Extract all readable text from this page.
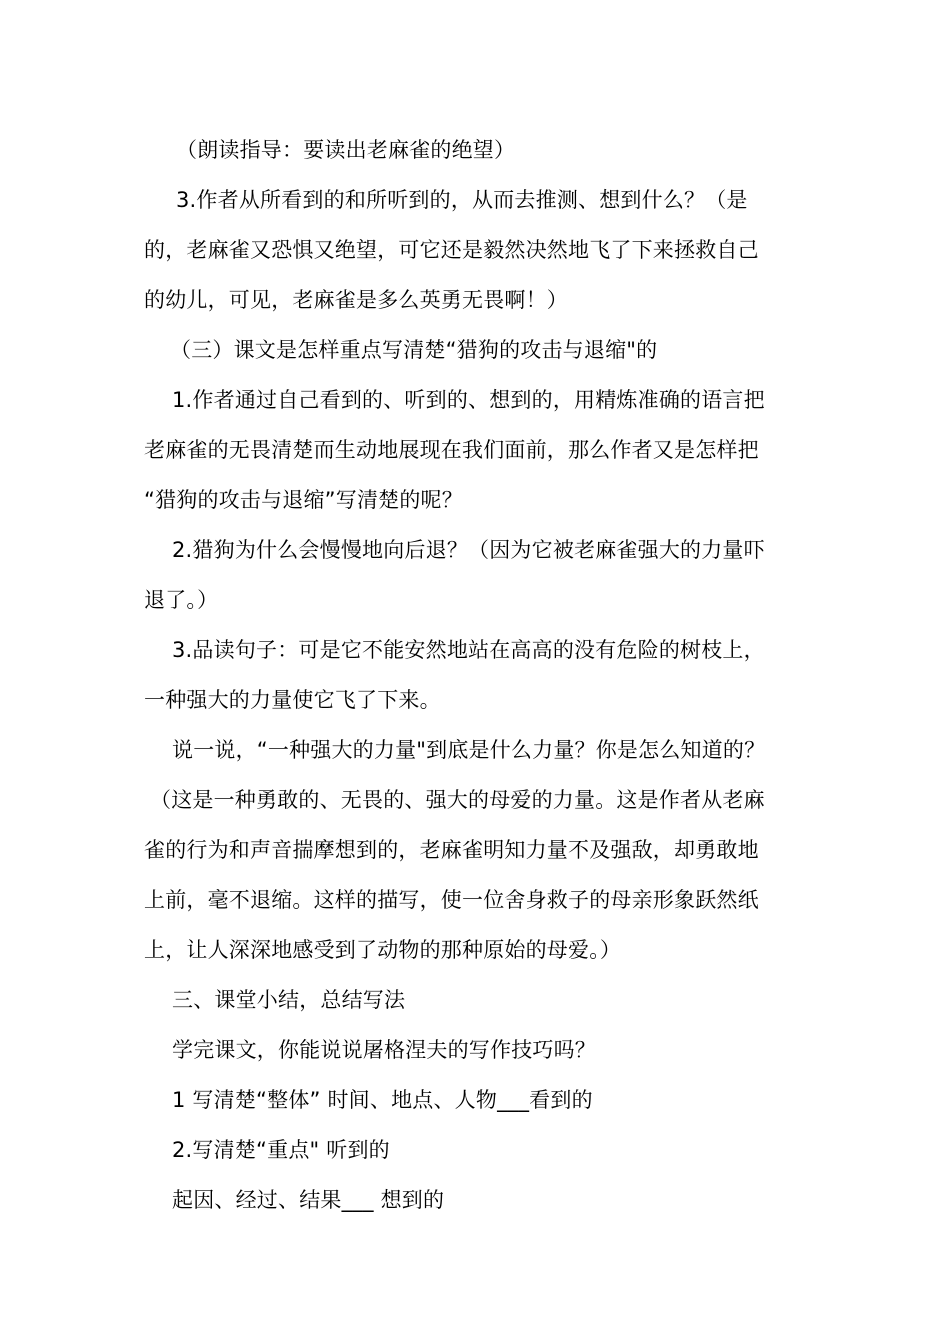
（朗读指导：要读出老麻雀的绝望）
3.作者从所看到的和所听到的，从而去推测、想到什么？（是
的，老麻雀又恐惧又绝望，可它还是毅然决然地飞了下来拯救自己
的幼儿，可见，老麻雀是多么英勇无畏啊！）
（三）课文是怎样重点写清楚“猎狗的攻击与退缩"的
1.作者通过自己看到的、听到的、想到的，用精炼准确的语言把
老麻雀的无畏清楚而生动地展现在我们面前，那么作者又是怎样把
“猎狗的攻击与退缩”写清楚的呢？
2.猎狗为什么会慢慢地向后退？（因为它被老麻雀强大的力量吓
退了。）
3.品读句子：可是它不能安然地站在高高的没有危险的树枝上，
一种强大的力量使它飞了下来。
说一说，“一种强大的力量"到底是什么力量？你是怎么知道的？
（这是一种勇敢的、无畏的、强大的母爱的力量。这是作者从老麻
雀的行为和声音揣摩想到的，老麻雀明知力量不及强敌，却勇敢地
上前，毫不退缩。这样的描写，使一位舍身救子的母亲形象跃然纸
上，让人深深地感受到了动物的那种原始的母爱。）
三、课堂小结，总结写法
学完课文，你能说说屠格涅夫的写作技巧吗？
1 写清楚“整体” 时间、地点、人物___看到的
2.写清楚“重点" 听到的
起因、经过、结果___ 想到的
